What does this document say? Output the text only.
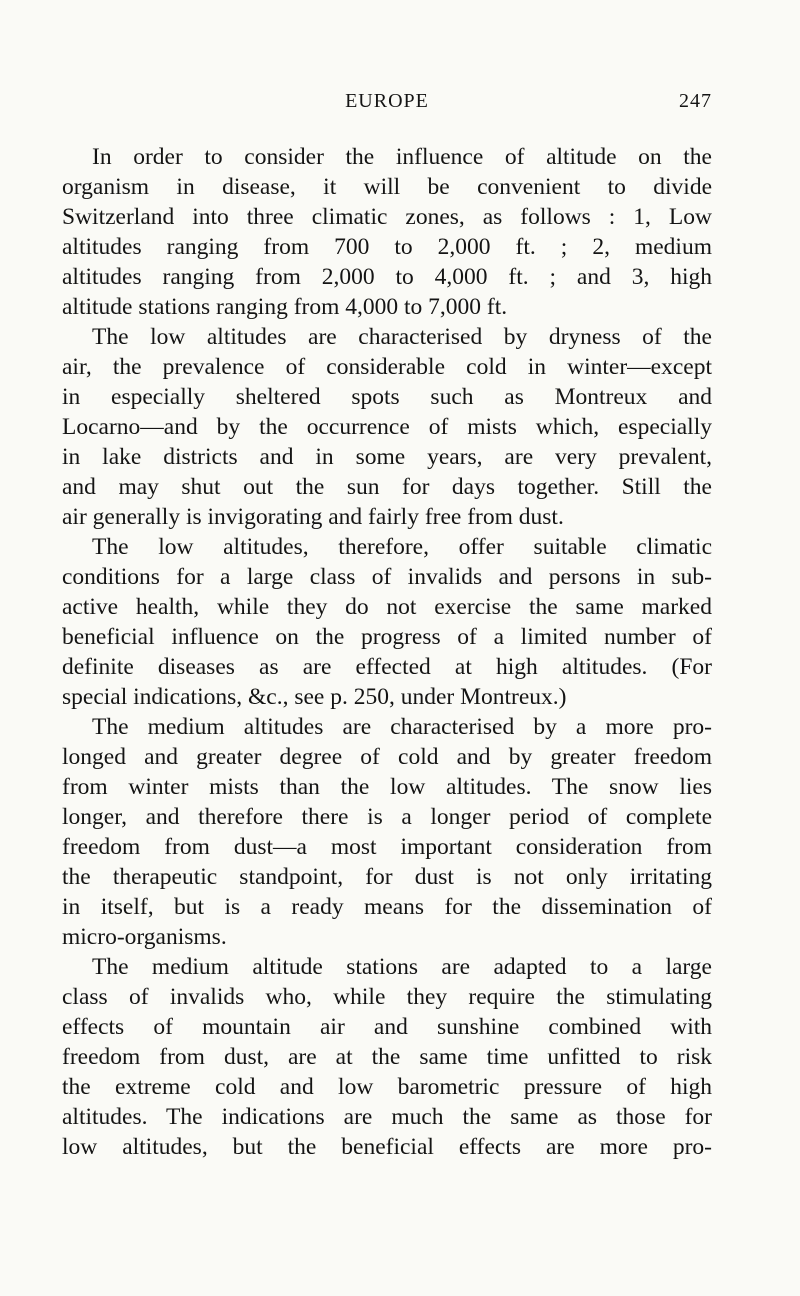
EUROPE	247

In order to consider the influence of altitude on the
organism in disease, it will be convenient to divide
Switzerland into three climatic zones, as follows : 1, Low
altitudes ranging from 700 to 2,000 ft. ; 2, medium
altitudes ranging from 2,000 to 4,000 ft. ; and 3, high
altitude stations ranging from 4,000 to 7,000 ft.

The low altitudes are characterised by dryness of the
air, the prevalence of considerable cold in winter—except
in especially sheltered spots such as Montreux and
Locarno—and by the occurrence of mists which, especially
in lake districts and in some years, are very prevalent,
and may shut out the sun for days together. Still the
air generally is invigorating and fairly free from dust.

The low altitudes, therefore, offer suitable climatic
conditions for a large class of invalids and persons in sub-
active health, while they do not exercise the same marked
beneficial influence on the progress of a limited number of
definite diseases as are effected at high altitudes. (For
special indications, &c., see p. 250, under Montreux.)

The medium altitudes are characterised by a more pro-
longed and greater degree of cold and by greater freedom
from winter mists than the low altitudes. The snow lies
longer, and therefore there is a longer period of complete
freedom from dust—a most important consideration from
the therapeutic standpoint, for dust is not only irritating
in itself, but is a ready means for the dissemination of
micro-organisms.

The medium altitude stations are adapted to a large
class of invalids who, while they require the stimulating
effects of mountain air and sunshine combined with
freedom from dust, are at the same time unfitted to risk
the extreme cold and low barometric pressure of high
altitudes. The indications are much the same as those for
low altitudes, but the beneficial effects are more pro-
